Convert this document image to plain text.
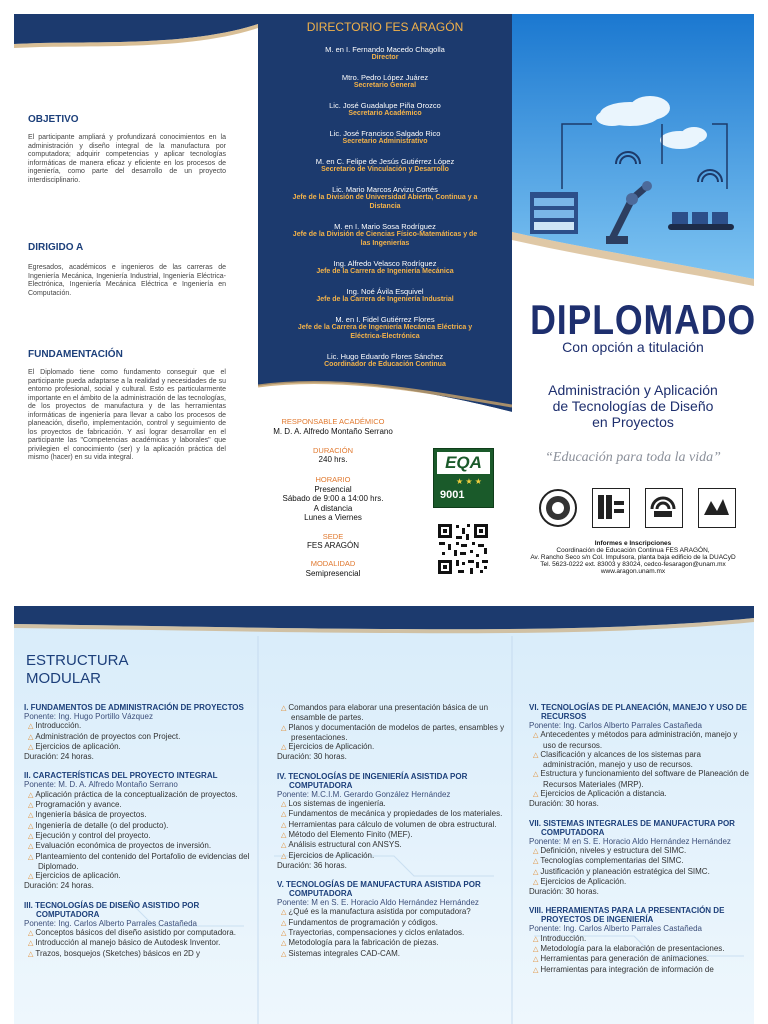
OBJETIVO
El participante ampliará y profundizará conocimientos en la administración y diseño integral de la manufactura por computadora; adquirir competencias y aplicar tecnologías informáticas de manera eficaz y eficiente en los procesos de ingeniería, como parte del desarrollo de un proyecto interdisciplinario.
DIRIGIDO A
Egresados, académicos e ingenieros de las carreras de Ingeniería Mecánica, Ingeniería Industrial, Ingeniería Eléctrica-Electrónica, Ingeniería Mecánica Eléctrica e Ingeniería en Computación.
FUNDAMENTACIÓN
El Diplomado tiene como fundamento conseguir que el participante pueda adaptarse a la realidad y necesidades de su entorno profesional, social y cultural. Esto es particularmente importante en el ámbito de la administración de las tecnologías, de los proyectos de manufactura y de las herramientas informáticas de ingeniería para llevar a cabo los procesos de planeación, diseño, implementación, control y seguimiento de los proyectos de fabricación. Y así lograr desarrollar en el participante las "Competencias académicas y laborales" que privilegien el conocimiento (ser) y la aplicación práctica del mismo (hacer) en su vida integral.
DIRECTORIO FES ARAGÓN
M. en I. Fernando Macedo Chagolla
Director
Mtro. Pedro López Juárez
Secretario General
Lic. José Guadalupe Piña Orozco
Secretario Académico
Lic. José Francisco Salgado Rico
Secretario Administrativo
M. en C. Felipe de Jesús Gutiérrez López
Secretario de Vinculación y Desarrollo
Lic. Mario Marcos Arvizu Cortés
Jefe de la División de Universidad Abierta, Continua y a Distancia
M. en I. Mario Sosa Rodríguez
Jefe de la División de Ciencias Físico-Matemáticas y de las Ingenierías
Ing. Alfredo Velasco Rodríguez
Jefe de la Carrera de Ingeniería Mecánica
Ing. Noé Ávila Esquivel
Jefe de la Carrera de Ingeniería Industrial
M. en I. Fidel Gutiérrez Flores
Jefe de la Carrera de Ingeniería Mecánica Eléctrica y Eléctrica-Electrónica
Lic. Hugo Eduardo Flores Sánchez
Coordinador de Educación Continua
RESPONSABLE ACADÉMICO
M. D. A. Alfredo Montaño Serrano
DURACIÓN
240 hrs.
HORARIO
Presencial
Sábado de 9:00 a 14:00 hrs.
A distancia
Lunes a Viernes
SEDE
FES ARAGÓN
MODALIDAD
Semipresencial
EQA
★ ★ ★
9001
DIPLOMADO
Con opción a titulación
Administración y Aplicación
de Tecnologías de Diseño
en Proyectos
“Educación para toda la vida”
Informes e Inscripciones
Coordinación de Educación Continua FES ARAGÓN,
Av. Rancho Seco s/n Col. Impulsora, planta baja edificio de la DUACyD
Tel. 5623-0222 ext. 83003 y 83024, cedco-fesaragon@unam.mx
www.aragon.unam.mx
ESTRUCTURA
MODULAR
I. FUNDAMENTOS DE ADMINISTRACIÓN DE PROYECTOS
Ponente: Ing. Hugo Portillo Vázquez
△ Introducción.
△ Administración de proyectos con Project.
△ Ejercicios de aplicación.
Duración: 24 horas.
II. CARACTERÍSTICAS DEL PROYECTO INTEGRAL
Ponente: M. D. A. Alfredo Montaño Serrano
△ Aplicación práctica de la conceptualización de proyectos.
△ Programación y avance.
△ Ingeniería básica de proyectos.
△ Ingeniería de detalle (o del producto).
△ Ejecución y control del proyecto.
△ Evaluación económica de proyectos de inversión.
△ Planteamiento del contenido del Portafolio de evidencias del Diplomado.
△ Ejercicios de aplicación.
Duración: 24 horas.
III. TECNOLOGÍAS DE DISEÑO ASISTIDO POR COMPUTADORA
Ponente: Ing. Carlos Alberto Parrales Castañeda
△ Conceptos básicos del diseño asistido por computadora.
△ Introducción al manejo básico de Autodesk Inventor.
△ Trazos, bosquejos (Sketches) básicos en 2D y
△ Comandos para elaborar una presentación básica de un ensamble de partes.
△ Planos y documentación de modelos de partes, ensambles y presentaciones.
△ Ejercicios de Aplicación.
Duración: 30 horas.
IV. TECNOLOGÍAS DE INGENIERÍA ASISTIDA POR COMPUTADORA
Ponente: M.C.I.M. Gerardo González Hernández
△ Los sistemas de ingeniería.
△ Fundamentos de mecánica y propiedades de los materiales.
△ Herramientas para cálculo de volumen de obra estructural.
△ Método del Elemento Finito (MEF).
△ Análisis estructural con ANSYS.
△ Ejercicios de Aplicación.
Duración: 36 horas.
V. TECNOLOGÍAS DE MANUFACTURA ASISTIDA POR COMPUTADORA
Ponente: M en S. E. Horacio Aldo Hernández Hernández
△ ¿Qué es la manufactura asistida por computadora?
△ Fundamentos de programación y códigos.
△ Trayectorias, compensaciones y ciclos enlatados.
△ Metodología para la fabricación de piezas.
△ Sistemas integrales CAD-CAM.
VI. TECNOLOGÍAS DE PLANEACIÓN, MANEJO Y USO DE RECURSOS
Ponente: Ing. Carlos Alberto Parrales Castañeda
△ Antecedentes y métodos para administración, manejo y uso de recursos.
△ Clasificación y alcances de los sistemas para administración, manejo y uso de recursos.
△ Estructura y funcionamiento del software de Planeación de Recursos Materiales (MRP).
△ Ejercicios de Aplicación a distancia.
Duración: 30 horas.
VII. SISTEMAS INTEGRALES DE MANUFACTURA POR COMPUTADORA
Ponente: M en S. E. Horacio Aldo Hernández Hernández
△ Definición, niveles y estructura del SIMC.
△ Tecnologías complementarias del SIMC.
△ Justificación y planeación estratégica del SIMC.
△ Ejercicios de Aplicación.
Duración: 30 horas.
VIII. HERRAMIENTAS PARA LA PRESENTACIÓN DE PROYECTOS DE INGENIERÍA
Ponente: Ing. Carlos Alberto Parrales Castañeda
△ Introducción.
△ Metodología para la elaboración de presentaciones.
△ Herramientas para generación de animaciones.
△ Herramientas para integración de información de
